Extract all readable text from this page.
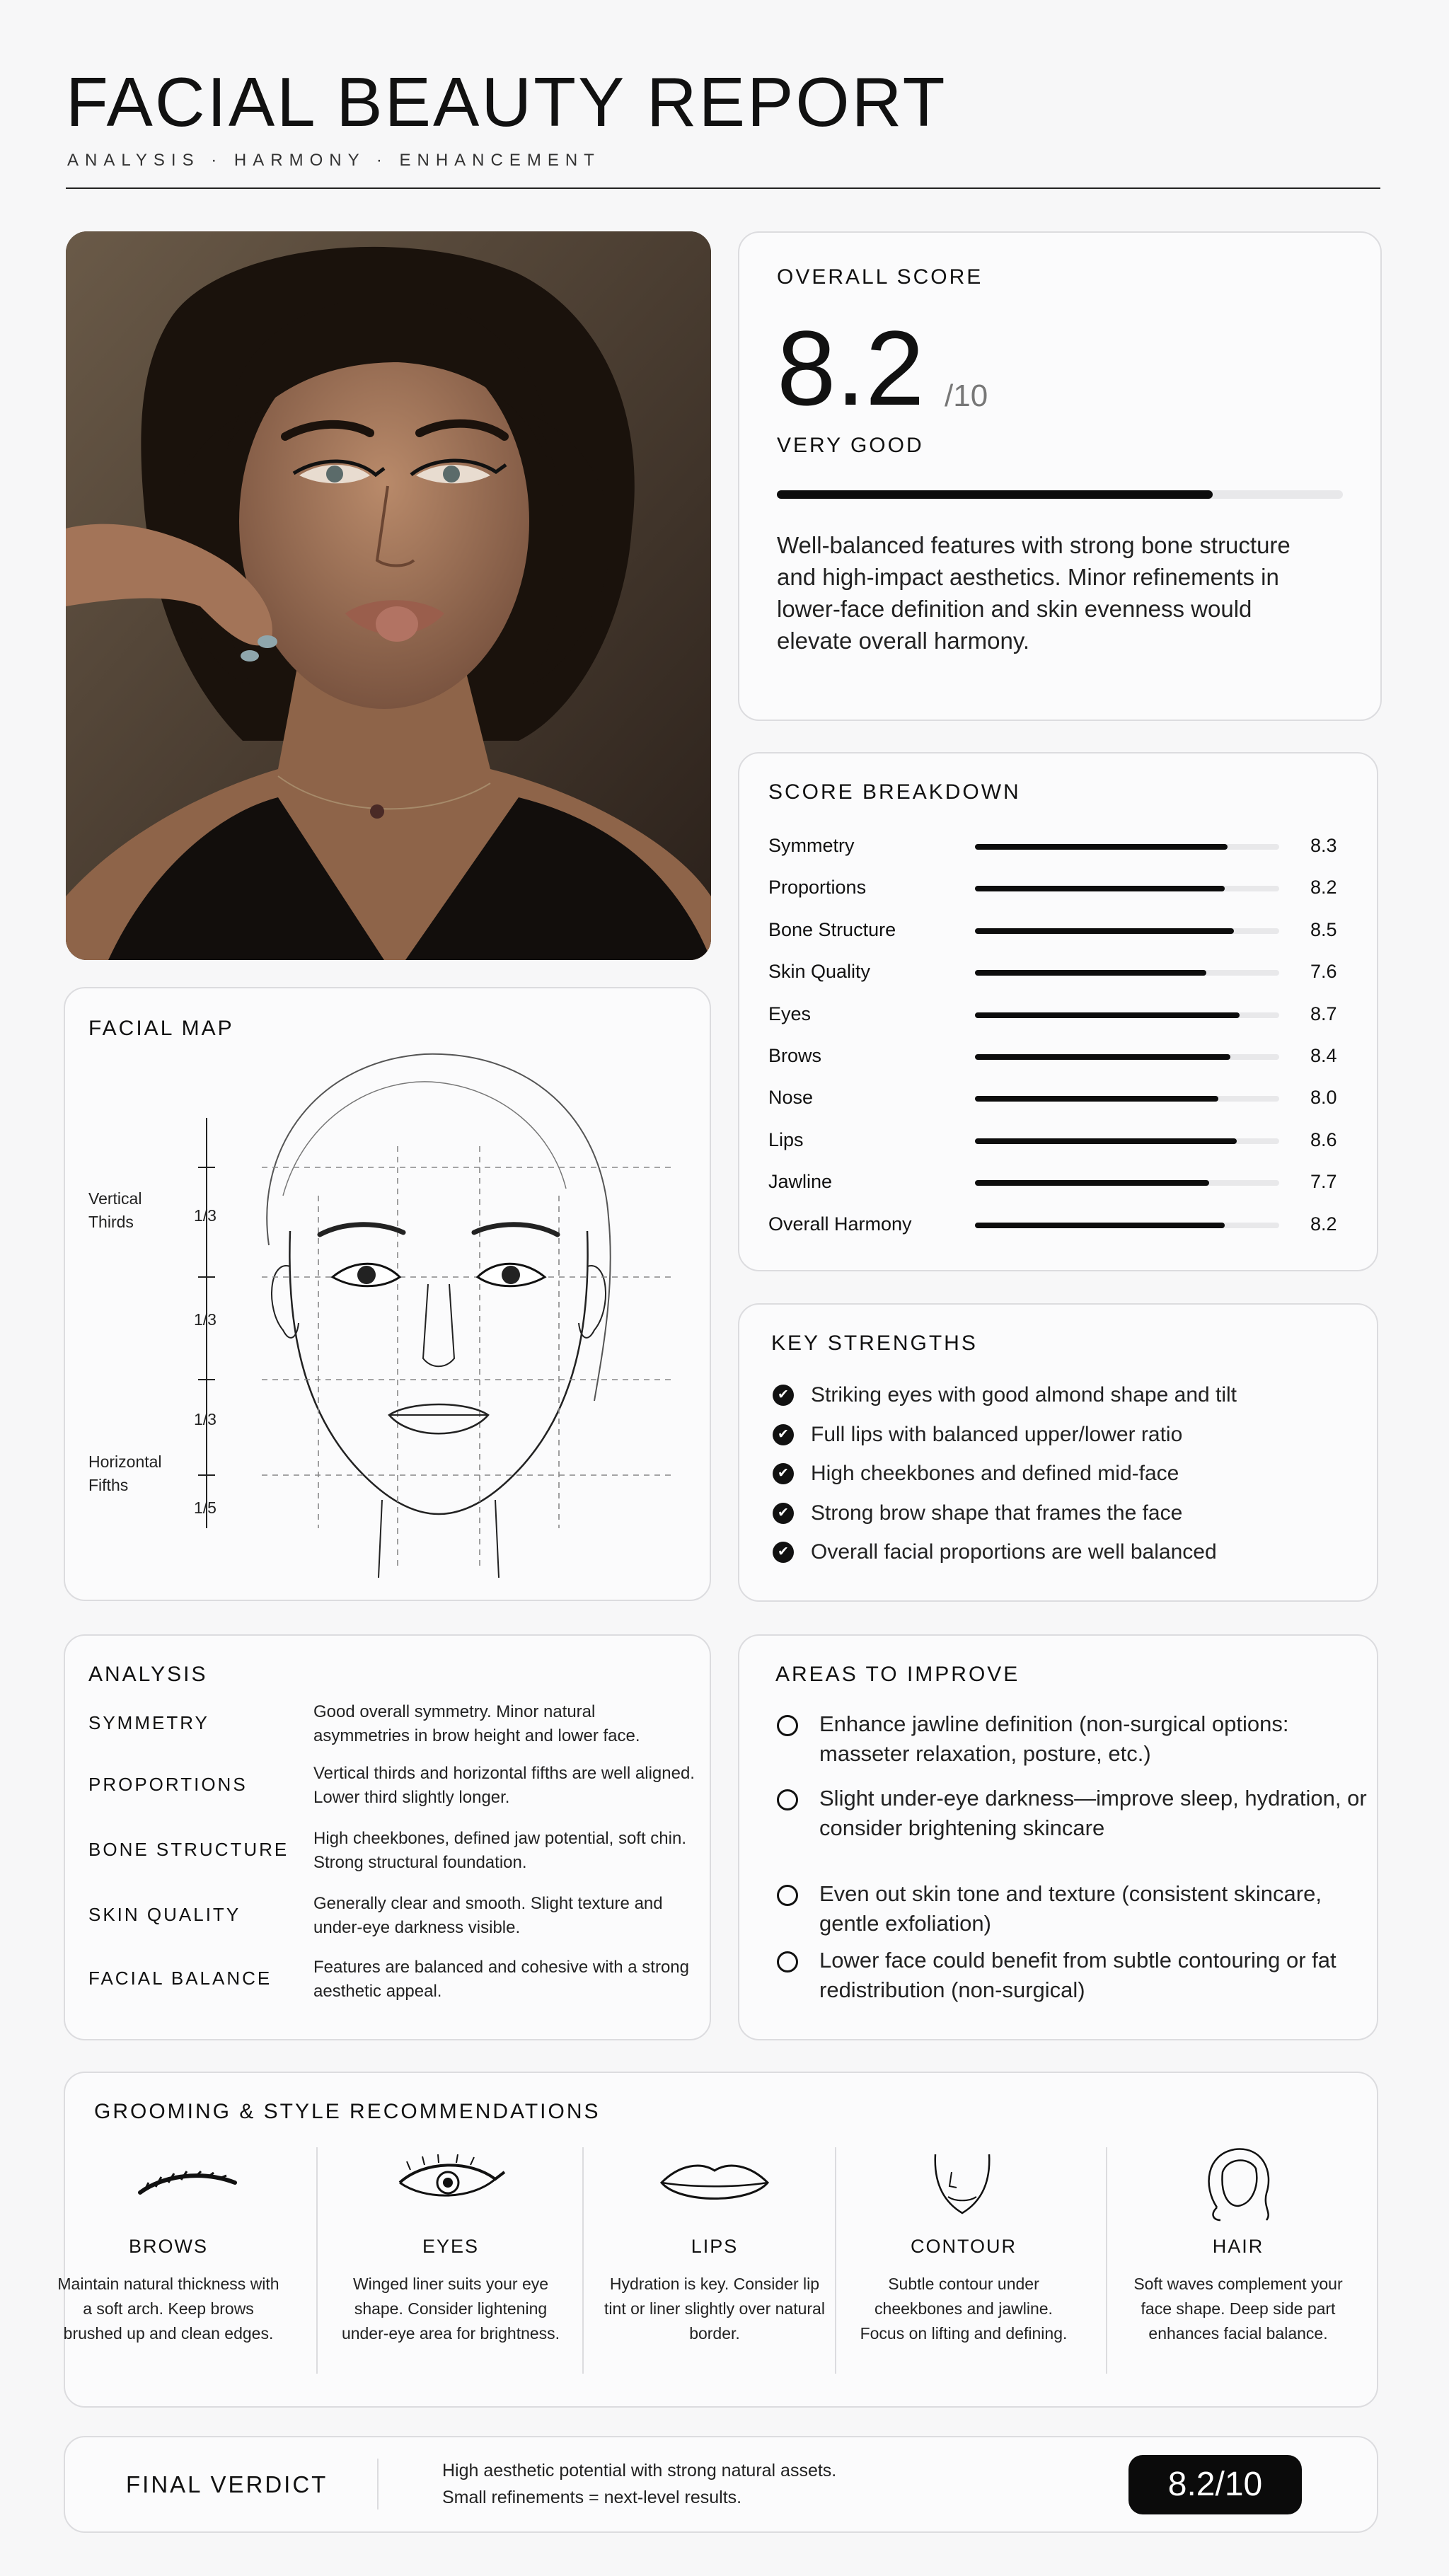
FACIAL BEAUTY REPORT
ANALYSIS · HARMONY · ENHANCEMENT
OVERALL SCORE
8.2 /10
VERY GOOD
Well-balanced features with strong bone structure and high-impact aesthetics. Minor refinements in lower-face definition and skin evenness would elevate overall harmony.
SCORE BREAKDOWN
Symmetry	8.3
Proportions	8.2
Bone Structure	8.5
Skin Quality	7.6
Eyes	8.7
Brows	8.4
Nose	8.0
Lips	8.6
Jawline	7.7
Overall Harmony	8.2
FACIAL MAP
Vertical
Thirds
Horizontal
Fifths
1/3
1/3
1/3
1/5
KEY STRENGTHS
✔ Striking eyes with good almond shape and tilt
✔ Full lips with balanced upper/lower ratio
✔ High cheekbones and defined mid-face
✔ Strong brow shape that frames the face
✔ Overall facial proportions are well balanced
ANALYSIS
SYMMETRY
Good overall symmetry. Minor natural asymmetries in brow height and lower face.
PROPORTIONS
Vertical thirds and horizontal fifths are well aligned. Lower third slightly longer.
BONE STRUCTURE
High cheekbones, defined jaw potential, soft chin. Strong structural foundation.
SKIN QUALITY
Generally clear and smooth. Slight texture and under-eye darkness visible.
FACIAL BALANCE
Features are balanced and cohesive with a strong aesthetic appeal.
AREAS TO IMPROVE
Enhance jawline definition (non-surgical options: masseter relaxation, posture, etc.)
Slight under-eye darkness—improve sleep, hydration, or consider brightening skincare
Even out skin tone and texture (consistent skincare, gentle exfoliation)
Lower face could benefit from subtle contouring or fat redistribution (non-surgical)
GROOMING & STYLE RECOMMENDATIONS
BROWS
Maintain natural thickness with a soft arch. Keep brows brushed up and clean edges.
EYES
Winged liner suits your eye shape. Consider lightening under-eye area for brightness.
LIPS
Hydration is key. Consider lip tint or liner slightly over natural border.
CONTOUR
Subtle contour under cheekbones and jawline. Focus on lifting and defining.
HAIR
Soft waves complement your face shape. Deep side part enhances facial balance.
FINAL VERDICT
High aesthetic potential with strong natural assets.
Small refinements = next-level results.	8.2/10
